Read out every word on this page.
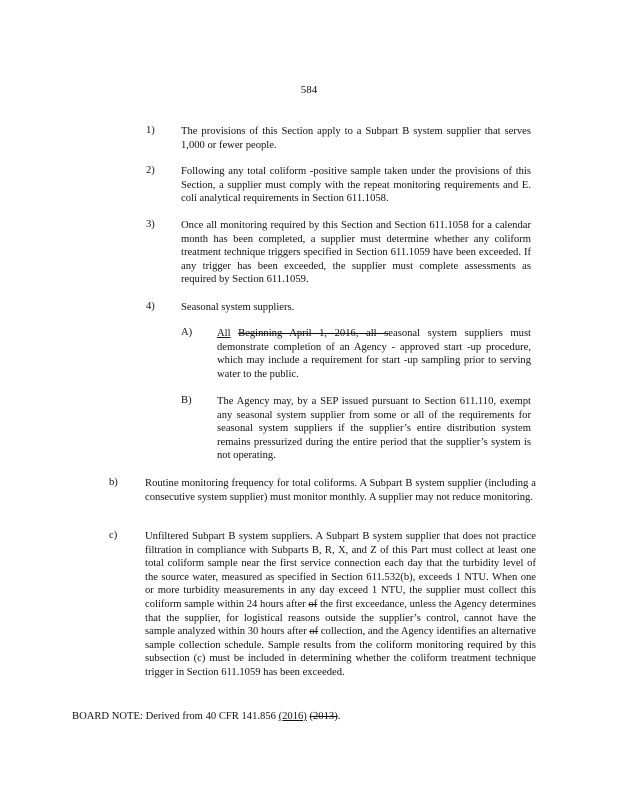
584
1) The provisions of this Section apply to a Subpart B system supplier that serves 1,000 or fewer people.
2) Following any total coliform -positive sample taken under the provisions of this Section, a supplier must comply with the repeat monitoring requirements and E. coli analytical requirements in Section 611.1058.
3) Once all monitoring required by this Section and Section 611.1058 for a calendar month has been completed, a supplier must determine whether any coliform treatment technique triggers specified in Section 611.1059 have been exceeded. If any trigger has been exceeded, the supplier must complete assessments as required by Section 611.1059.
4) Seasonal system suppliers.
A) All Beginning April 1, 2016, all seasonal system suppliers must demonstrate completion of an Agency - approved start -up procedure, which may include a requirement for start -up sampling prior to serving water to the public.
B) The Agency may, by a SEP issued pursuant to Section 611.110, exempt any seasonal system supplier from some or all of the requirements for seasonal system suppliers if the supplier’s entire distribution system remains pressurized during the entire period that the supplier’s system is not operating.
b)	Routine monitoring frequency for total coliforms. A Subpart B system supplier (including a consecutive system supplier) must monitor monthly. A supplier may not reduce monitoring.
c)	Unfiltered Subpart B system suppliers. A Subpart B system supplier that does not practice filtration in compliance with Subparts B, R, X, and Z of this Part must collect at least one total coliform sample near the first service connection each day that the turbidity level of the source water, measured as specified in Section 611.532(b), exceeds 1 NTU. When one or more turbidity measurements in any day exceed 1 NTU, the supplier must collect this coliform sample within 24 hours after of the first exceedance, unless the Agency determines that the supplier, for logistical reasons outside the supplier’s control, cannot have the sample analyzed within 30 hours after of collection, and the Agency identifies an alternative sample collection schedule. Sample results from the coliform monitoring required by this subsection (c) must be included in determining whether the coliform treatment technique trigger in Section 611.1059 has been exceeded.
BOARD NOTE: Derived from 40 CFR 141.856 (2016) (2013).
